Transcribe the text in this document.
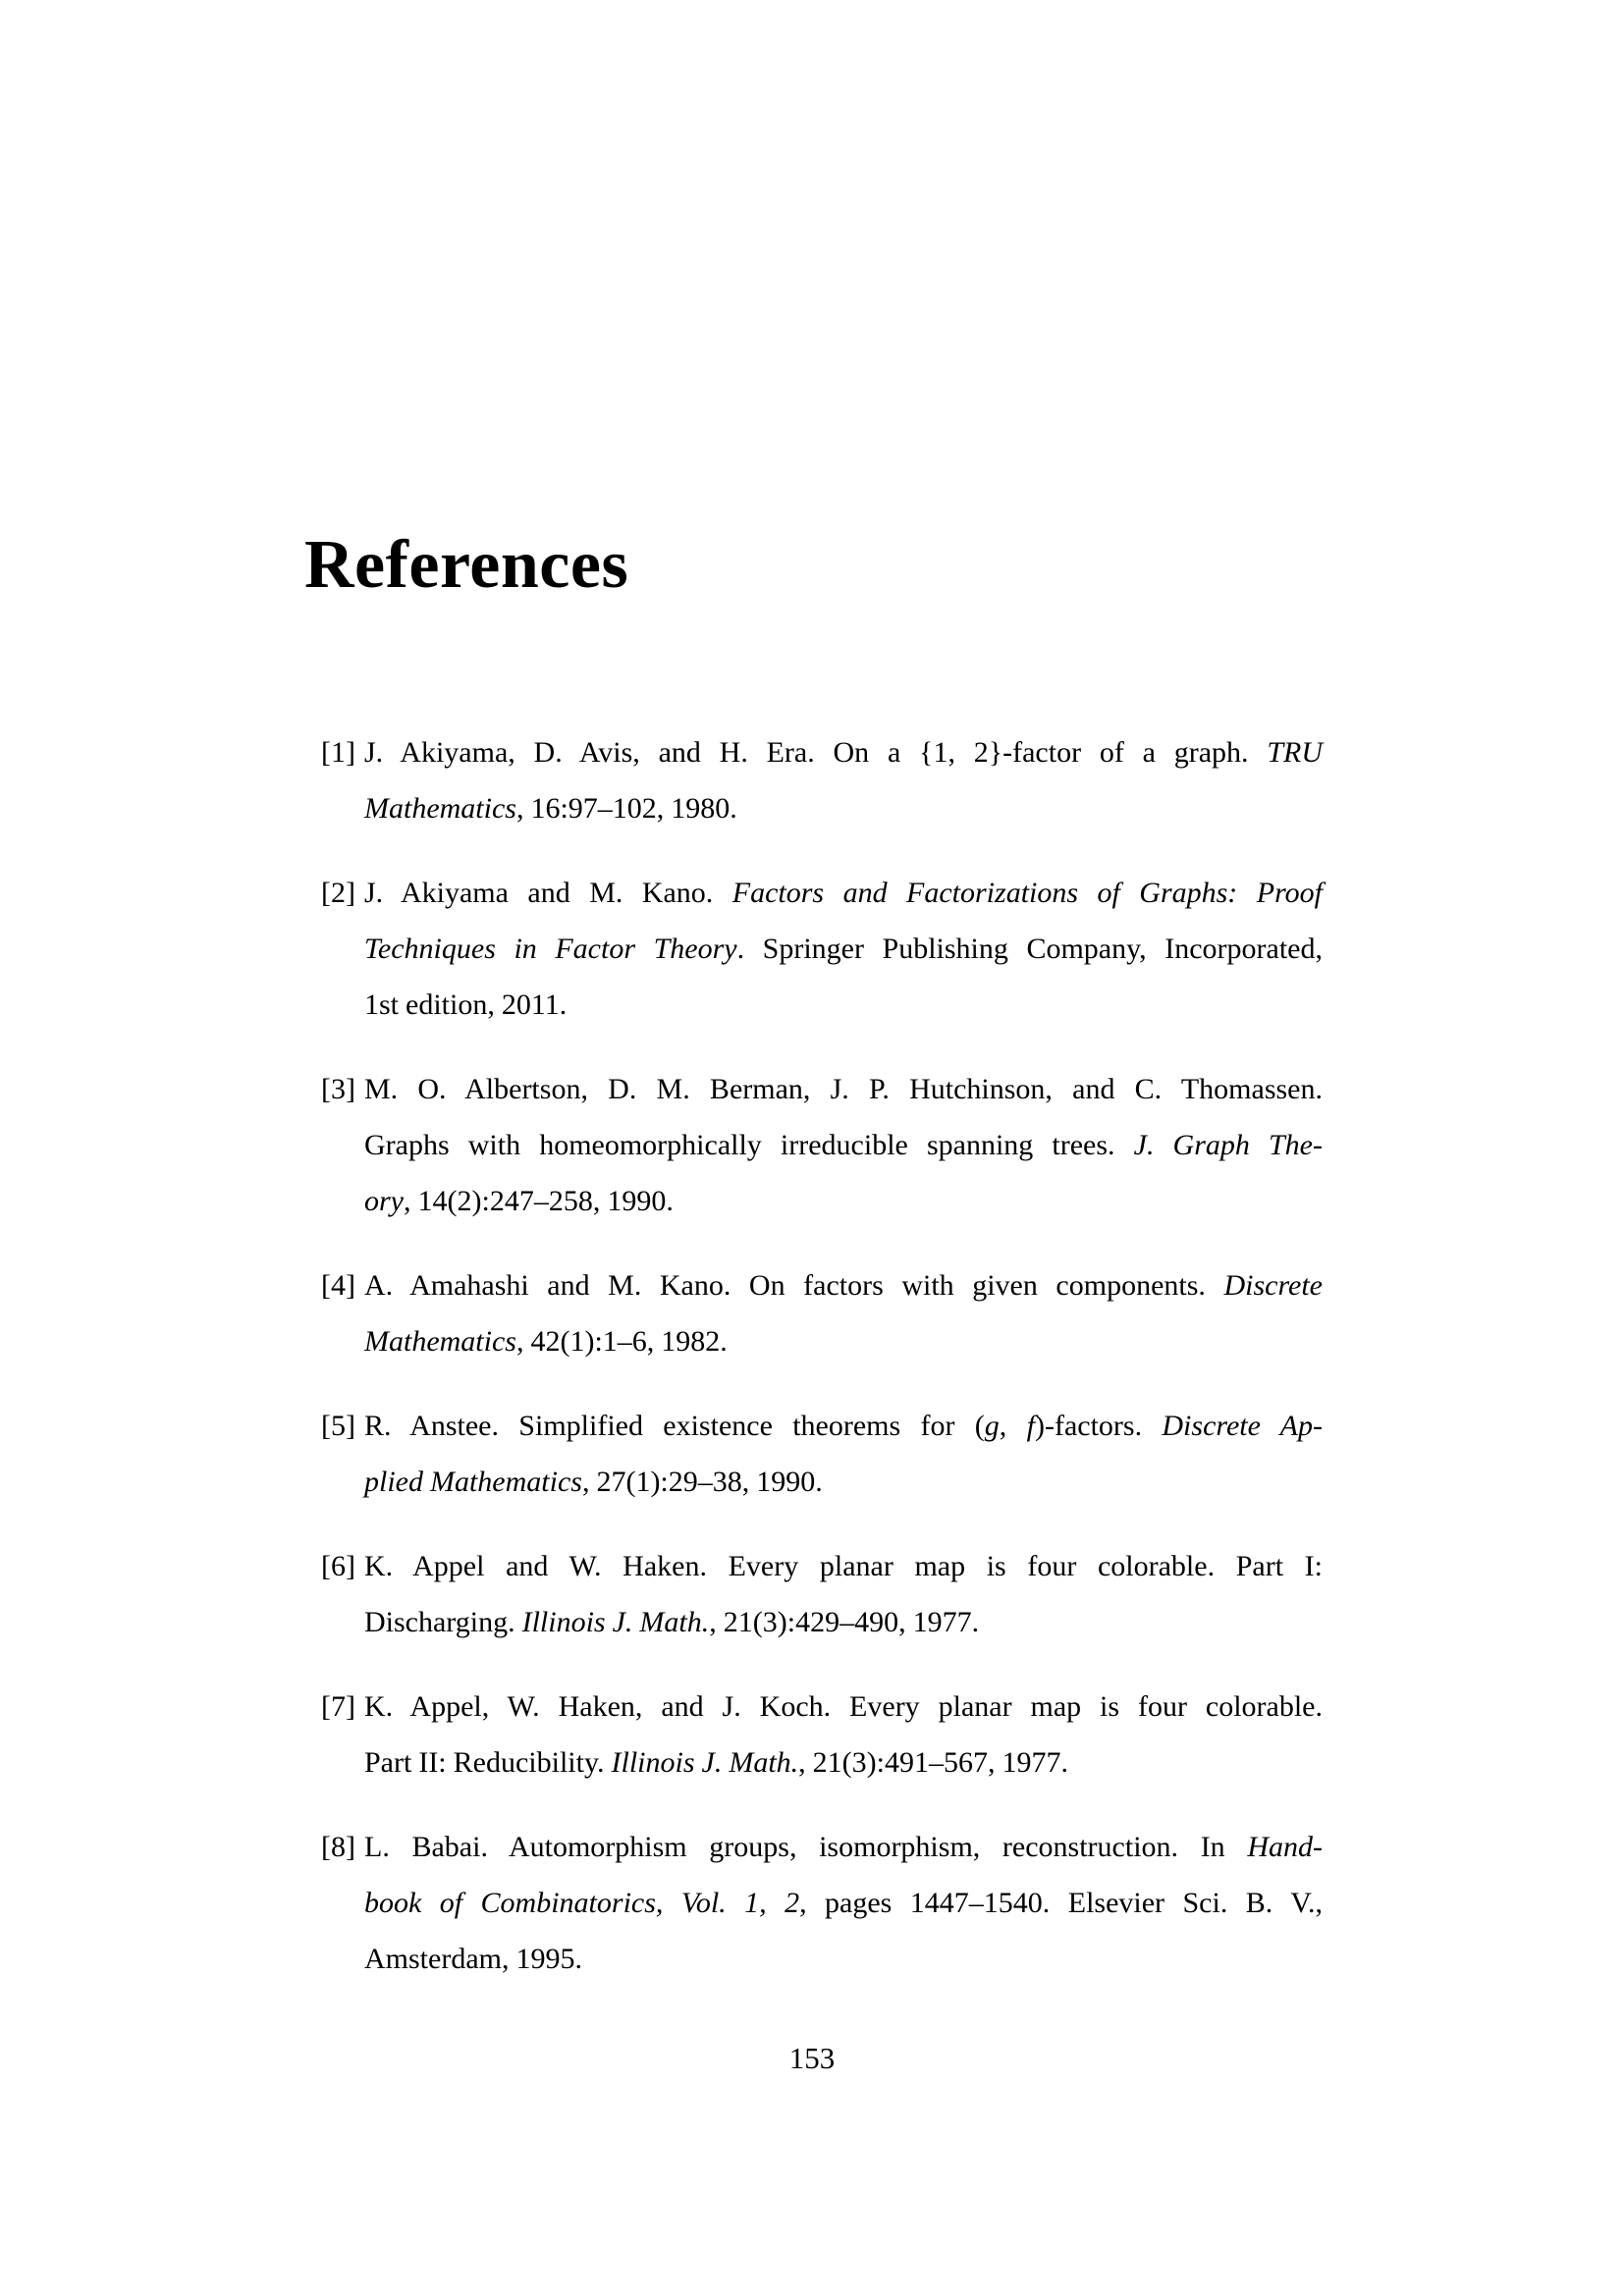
References
[1] J. Akiyama, D. Avis, and H. Era. On a {1, 2}-factor of a graph. TRU
Mathematics, 16:97–102, 1980.
[2] J. Akiyama and M. Kano. Factors and Factorizations of Graphs: Proof
Techniques in Factor Theory. Springer Publishing Company, Incorporated,
1st edition, 2011.
[3] M. O. Albertson, D. M. Berman, J. P. Hutchinson, and C. Thomassen.
Graphs with homeomorphically irreducible spanning trees. J. Graph The-
ory, 14(2):247–258, 1990.
[4] A. Amahashi and M. Kano. On factors with given components. Discrete
Mathematics, 42(1):1–6, 1982.
[5] R. Anstee. Simplified existence theorems for (g, f)-factors. Discrete Ap-
plied Mathematics, 27(1):29–38, 1990.
[6] K. Appel and W. Haken. Every planar map is four colorable. Part I:
Discharging. Illinois J. Math., 21(3):429–490, 1977.
[7] K. Appel, W. Haken, and J. Koch. Every planar map is four colorable.
Part II: Reducibility. Illinois J. Math., 21(3):491–567, 1977.
[8] L. Babai. Automorphism groups, isomorphism, reconstruction. In Hand-
book of Combinatorics, Vol. 1, 2, pages 1447–1540. Elsevier Sci. B. V.,
Amsterdam, 1995.
153
